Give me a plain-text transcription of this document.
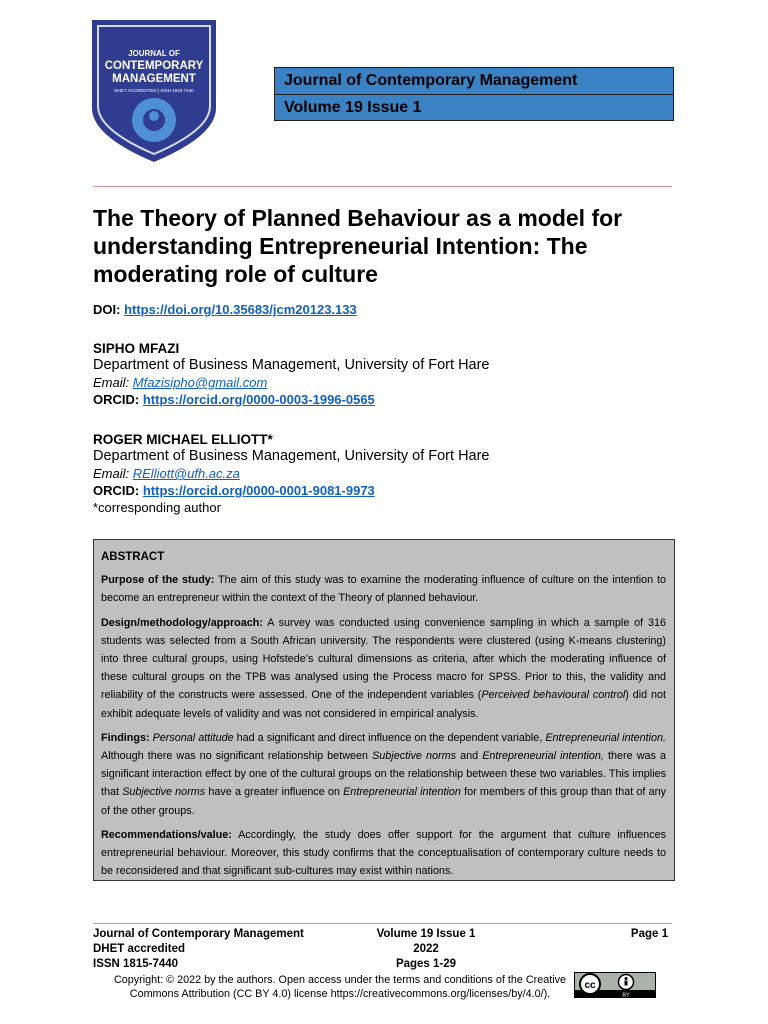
JOURNAL OF
CONTEMPORARY
MANAGEMENT
DHET ACCREDITED | ISSN 1815-7440
Journal of Contemporary Management
Volume 19 Issue 1
The Theory of Planned Behaviour as a model for understanding Entrepreneurial Intention: The moderating role of culture
DOI: https://doi.org/10.35683/jcm20123.133
SIPHO MFAZI
Department of Business Management, University of Fort Hare
Email: Mfazisipho@gmail.com
ORCID: https://orcid.org/0000-0003-1996-0565
ROGER MICHAEL ELLIOTT*
Department of Business Management, University of Fort Hare
Email: RElliott@ufh.ac.za
ORCID: https://orcid.org/0000-0001-9081-9973
*corresponding author

ABSTRACT

Purpose of the study: The aim of this study was to examine the moderating influence of culture on the intention to become an entrepreneur within the context of the Theory of planned behaviour.

Design/methodology/approach: A survey was conducted using convenience sampling in which a sample of 316 students was selected from a South African university. The respondents were clustered (using K-means clustering) into three cultural groups, using Hofstede’s cultural dimensions as criteria, after which the moderating influence of these cultural groups on the TPB was analysed using the Process macro for SPSS. Prior to this, the validity and reliability of the constructs were assessed. One of the independent variables (Perceived behavioural control) did not exhibit adequate levels of validity and was not considered in empirical analysis.

Findings: Personal attitude had a significant and direct influence on the dependent variable, Entrepreneurial intention. Although there was no significant relationship between Subjective norms and Entrepreneurial intention, there was a significant interaction effect by one of the cultural groups on the relationship between these two variables. This implies that Subjective norms have a greater influence on Entrepreneurial intention for members of this group than that of any of the other groups.

Recommendations/value: Accordingly, the study does offer support for the argument that culture influences entrepreneurial behaviour. Moreover, this study confirms that the conceptualisation of contemporary culture needs to be reconsidered and that significant sub-cultures may exist within nations.

Journal of Contemporary Management
DHET accredited
ISSN 1815-7440
Volume 19 Issue 1
2022
Pages 1-29
Page 1
Copyright: © 2022 by the authors. Open access under the terms and conditions of the Creative Commons Attribution (CC BY 4.0) license https://creativecommons.org/licenses/by/4.0/).
cc
BY
